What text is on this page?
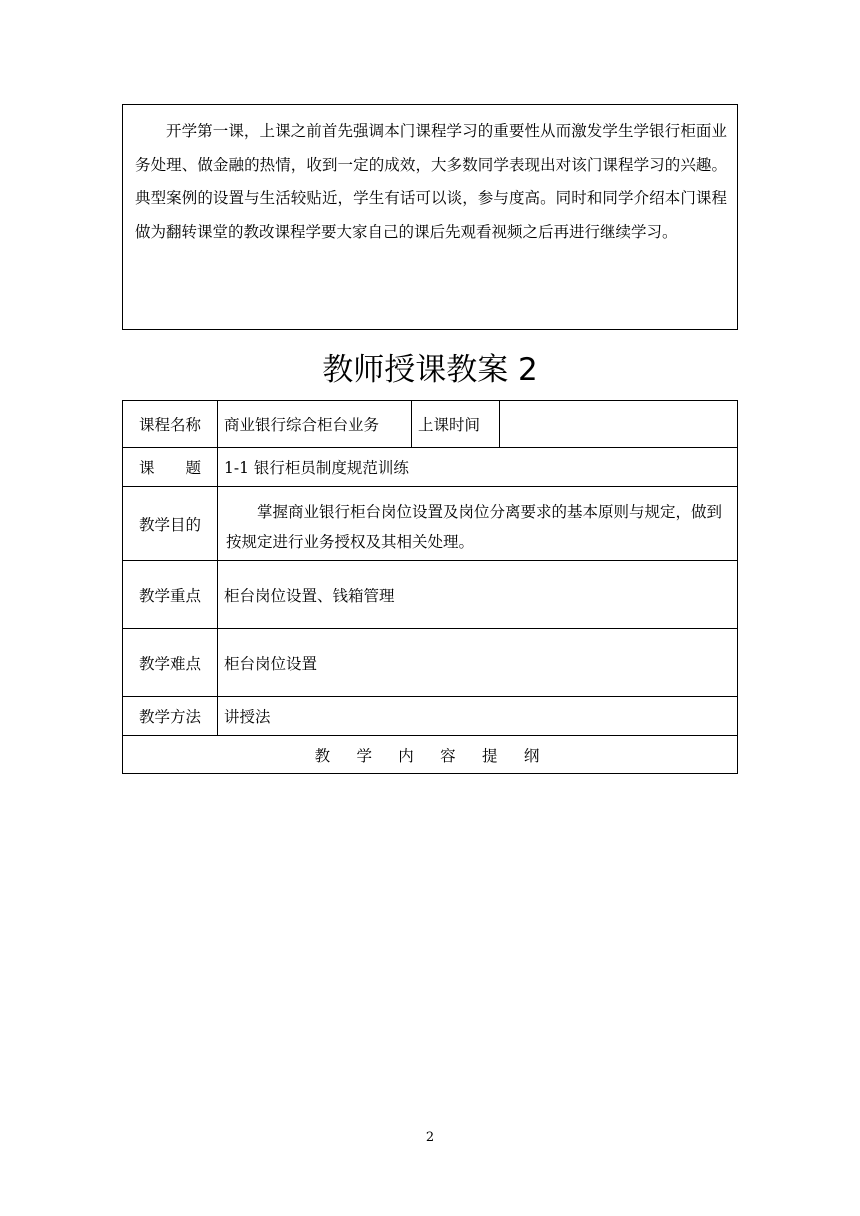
开学第一课，上课之前首先强调本门课程学习的重要性从而激发学生学银行柜面业务处理、做金融的热情，收到一定的成效，大多数同学表现出对该门课程学习的兴趣。典型案例的设置与生活较贴近，学生有话可以谈，参与度高。同时和同学介绍本门课程做为翻转课堂的教改课程学要大家自己的课后先观看视频之后再进行继续学习。

教师授课教案 2
课程名称	商业银行综合柜台业务	上课时间	
课　　题	1-1 银行柜员制度规范训练		
教学目的	掌握商业银行柜台岗位设置及岗位分离要求的基本原则与规定，做到按规定进行业务授权及其相关处理。		
教学重点	柜台岗位设置、钱箱管理		
教学难点	柜台岗位设置		
教学方法	讲授法		
教学内容提纲			
2
